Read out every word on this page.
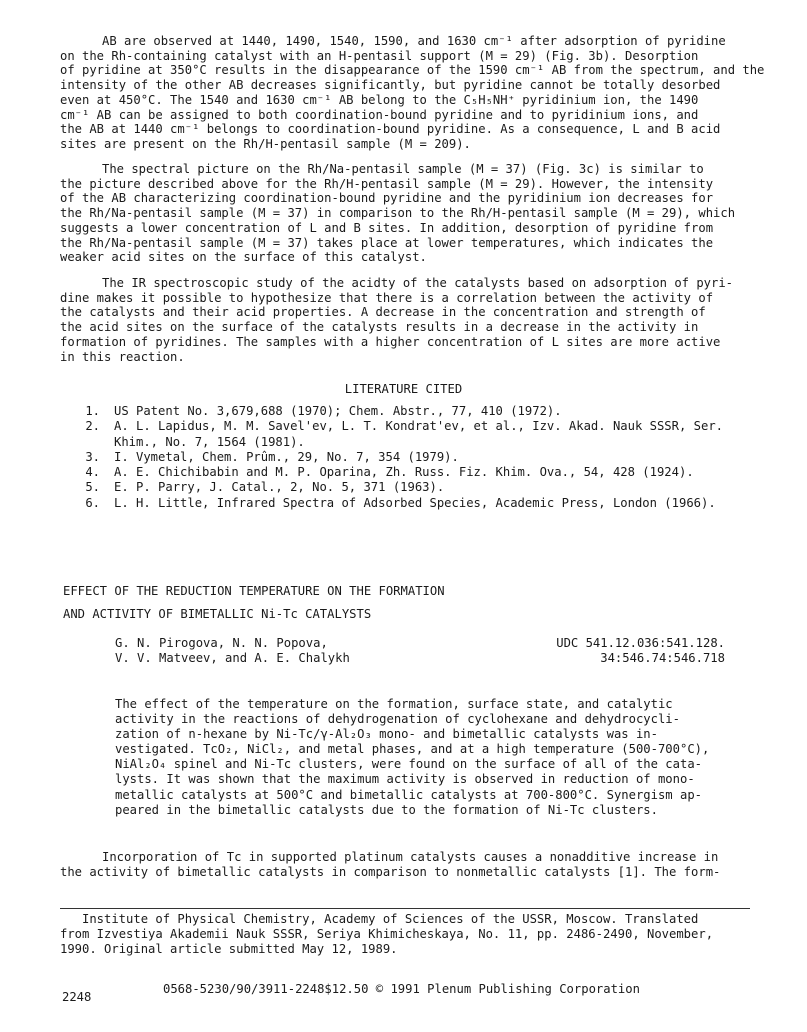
AB are observed at 1440, 1490, 1540, 1590, and 1630 cm⁻¹ after adsorption of pyridine
on the Rh-containing catalyst with an H-pentasil support (M = 29) (Fig. 3b). Desorption
of pyridine at 350°C results in the disappearance of the 1590 cm⁻¹ AB from the spectrum, and the
intensity of the other AB decreases significantly, but pyridine cannot be totally desorbed
even at 450°C. The 1540 and 1630 cm⁻¹ AB belong to the C₅H₅NH⁺ pyridinium ion, the 1490
cm⁻¹ AB can be assigned to both coordination-bound pyridine and to pyridinium ions, and
the AB at 1440 cm⁻¹ belongs to coordination-bound pyridine. As a consequence, L and B acid
sites are present on the Rh/H-pentasil sample (M = 209).

The spectral picture on the Rh/Na-pentasil sample (M = 37) (Fig. 3c) is similar to
the picture described above for the Rh/H-pentasil sample (M = 29). However, the intensity
of the AB characterizing coordination-bound pyridine and the pyridinium ion decreases for
the Rh/Na-pentasil sample (M = 37) in comparison to the Rh/H-pentasil sample (M = 29), which
suggests a lower concentration of L and B sites. In addition, desorption of pyridine from
the Rh/Na-pentasil sample (M = 37) takes place at lower temperatures, which indicates the
weaker acid sites on the surface of this catalyst.

The IR spectroscopic study of the acidty of the catalysts based on adsorption of pyri-
dine makes it possible to hypothesize that there is a correlation between the activity of
the catalysts and their acid properties. A decrease in the concentration and strength of
the acid sites on the surface of the catalysts results in a decrease in the activity in
formation of pyridines. The samples with a higher concentration of L sites are more active
in this reaction.

LITERATURE CITED

1.	US Patent No. 3,679,688 (1970); Chem. Abstr., 77, 410 (1972).
2.	A. L. Lapidus, M. M. Savel'ev, L. T. Kondrat'ev, et al., Izv. Akad. Nauk SSSR, Ser.
Khim., No. 7, 1564 (1981).
3.	I. Vymetal, Chem. Prûm., 29, No. 7, 354 (1979).
4.	A. E. Chichibabin and M. P. Oparina, Zh. Russ. Fiz. Khim. Ova., 54, 428 (1924).
5.	E. P. Parry, J. Catal., 2, No. 5, 371 (1963).
6.	L. H. Little, Infrared Spectra of Adsorbed Species, Academic Press, London (1966).

EFFECT OF THE REDUCTION TEMPERATURE ON THE FORMATION

AND ACTIVITY OF BIMETALLIC Ni-Tc CATALYSTS

G. N. Pirogova, N. N. Popova,
V. V. Matveev, and A. E. Chalykh

UDC 541.12.036:541.128.
34:546.74:546.718

The effect of the temperature on the formation, surface state, and catalytic
activity in the reactions of dehydrogenation of cyclohexane and dehydrocycli-
zation of n-hexane by Ni-Tc/γ-Al₂O₃ mono- and bimetallic catalysts was in-
vestigated. TcO₂, NiCl₂, and metal phases, and at a high temperature (500-700°C),
NiAl₂O₄ spinel and Ni-Tc clusters, were found on the surface of all of the cata-
lysts. It was shown that the maximum activity is observed in reduction of mono-
metallic catalysts at 500°C and bimetallic catalysts at 700-800°C. Synergism ap-
peared in the bimetallic catalysts due to the formation of Ni-Tc clusters.

Incorporation of Tc in supported platinum catalysts causes a nonadditive increase in
the activity of bimetallic catalysts in comparison to nonmetallic catalysts [1]. The form-

Institute of Physical Chemistry, Academy of Sciences of the USSR, Moscow. Translated
from Izvestiya Akademii Nauk SSSR, Seriya Khimicheskaya, No. 11, pp. 2486-2490, November,
1990. Original article submitted May 12, 1989.

2248

0568-5230/90/3911-2248$12.50 © 1991 Plenum Publishing Corporation
